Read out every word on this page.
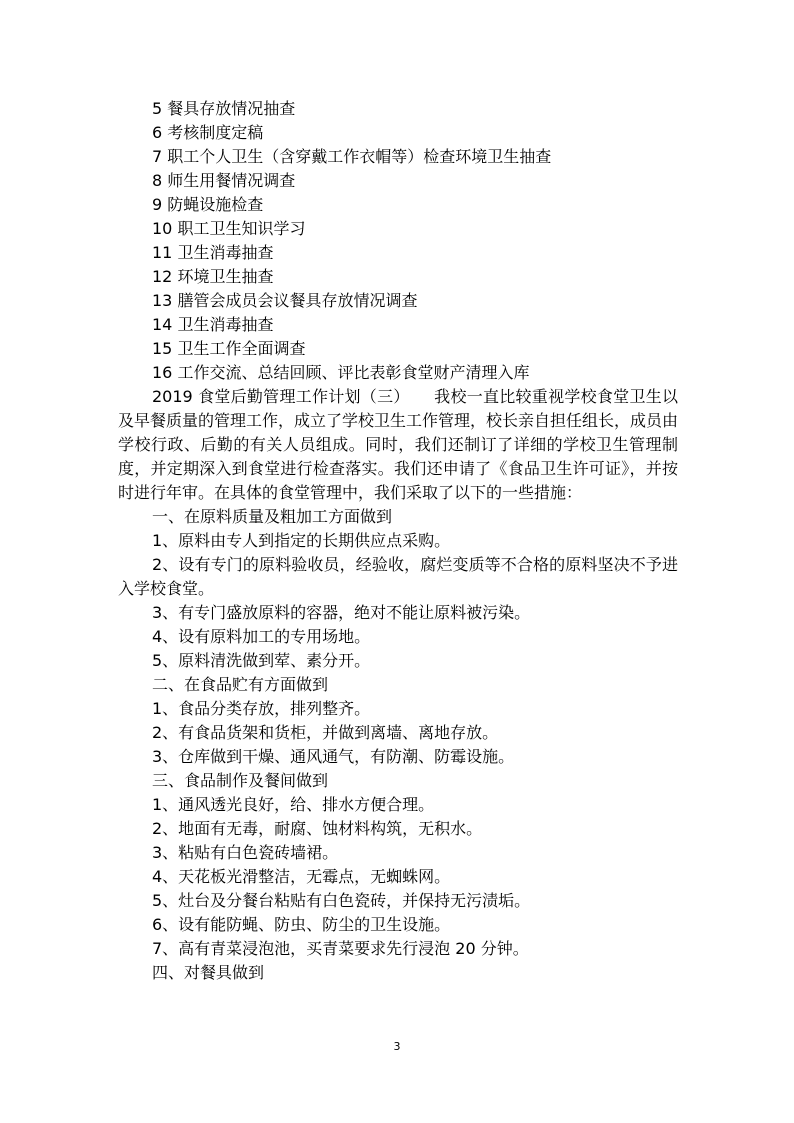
5 餐具存放情况抽查
6 考核制度定稿
7 职工个人卫生（含穿戴工作衣帽等）检查环境卫生抽查
8 师生用餐情况调查
9 防蝇设施检查
10 职工卫生知识学习
11 卫生消毒抽查
12 环境卫生抽查
13 膳管会成员会议餐具存放情况调查
14 卫生消毒抽查
15 卫生工作全面调查
16 工作交流、总结回顾、评比表彰食堂财产清理入库
2019 食堂后勤管理工作计划（三）　　我校一直比较重视学校食堂卫生以及早餐质量的管理工作，成立了学校卫生工作管理，校长亲自担任组长，成员由学校行政、后勤的有关人员组成。同时，我们还制订了详细的学校卫生管理制度，并定期深入到食堂进行检查落实。我们还申请了《食品卫生许可证》，并按时进行年审。在具体的食堂管理中，我们采取了以下的一些措施：
一、在原料质量及粗加工方面做到
1、原料由专人到指定的长期供应点采购。
2、设有专门的原料验收员，经验收，腐烂变质等不合格的原料坚决不予进入学校食堂。
3、有专门盛放原料的容器，绝对不能让原料被污染。
4、设有原料加工的专用场地。
5、原料清洗做到荤、素分开。
二、在食品贮有方面做到
1、食品分类存放，排列整齐。
2、有食品货架和货柜，并做到离墙、离地存放。
3、仓库做到干燥、通风通气，有防潮、防霉设施。
三、食品制作及餐间做到
1、通风透光良好，给、排水方便合理。
2、地面有无毒，耐腐、蚀材料构筑，无积水。
3、粘贴有白色瓷砖墙裙。
4、天花板光滑整洁，无霉点，无蜘蛛网。
5、灶台及分餐台粘贴有白色瓷砖，并保持无污渍垢。
6、设有能防蝇、防虫、防尘的卫生设施。
7、高有青菜浸泡池，买青菜要求先行浸泡 20 分钟。
四、对餐具做到
3
